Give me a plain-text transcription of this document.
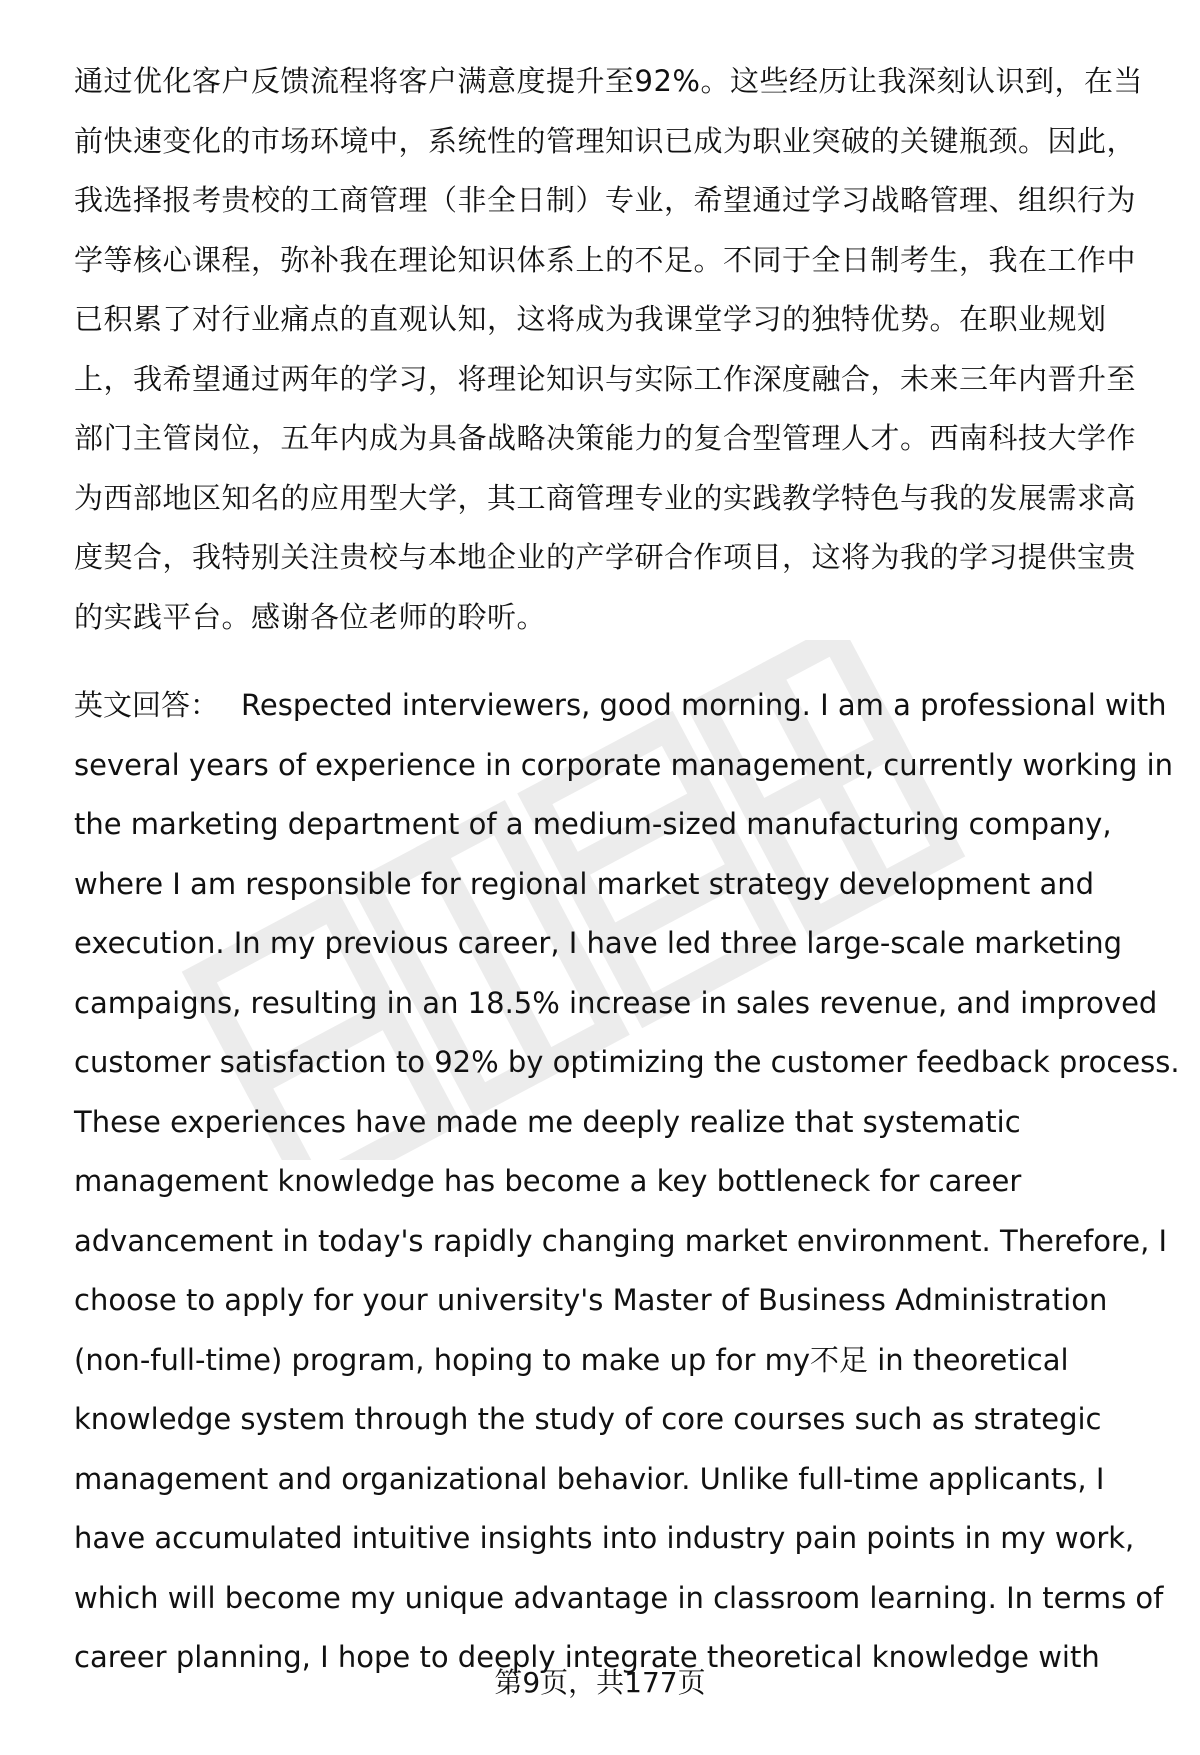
通过优化客户反馈流程将客户满意度提升至92%。这些经历让我深刻认识到，在当
前快速变化的市场环境中，系统性的管理知识已成为职业突破的关键瓶颈。因此，
我选择报考贵校的工商管理（非全日制）专业，希望通过学习战略管理、组织行为
学等核心课程，弥补我在理论知识体系上的不足。不同于全日制考生，我在工作中
已积累了对行业痛点的直观认知，这将成为我课堂学习的独特优势。在职业规划
上，我希望通过两年的学习，将理论知识与实际工作深度融合，未来三年内晋升至
部门主管岗位，五年内成为具备战略决策能力的复合型管理人才。西南科技大学作
为西部地区知名的应用型大学，其工商管理专业的实践教学特色与我的发展需求高
度契合，我特别关注贵校与本地企业的产学研合作项目，这将为我的学习提供宝贵
的实践平台。感谢各位老师的聆听。
英文回答： Respected interviewers, good morning. I am a professional with
several years of experience in corporate management, currently working in
the marketing department of a medium-sized manufacturing company,
where I am responsible for regional market strategy development and
execution. In my previous career, I have led three large-scale marketing
campaigns, resulting in an 18.5% increase in sales revenue, and improved
customer satisfaction to 92% by optimizing the customer feedback process.
These experiences have made me deeply realize that systematic
management knowledge has become a key bottleneck for career
advancement in today's rapidly changing market environment. Therefore, I
choose to apply for your university's Master of Business Administration
(non-full-time) program, hoping to make up for my不足 in theoretical
knowledge system through the study of core courses such as strategic
management and organizational behavior. Unlike full-time applicants, I
have accumulated intuitive insights into industry pain points in my work,
which will become my unique advantage in classroom learning. In terms of
career planning, I hope to deeply integrate theoretical knowledge with
第9页，共177页
